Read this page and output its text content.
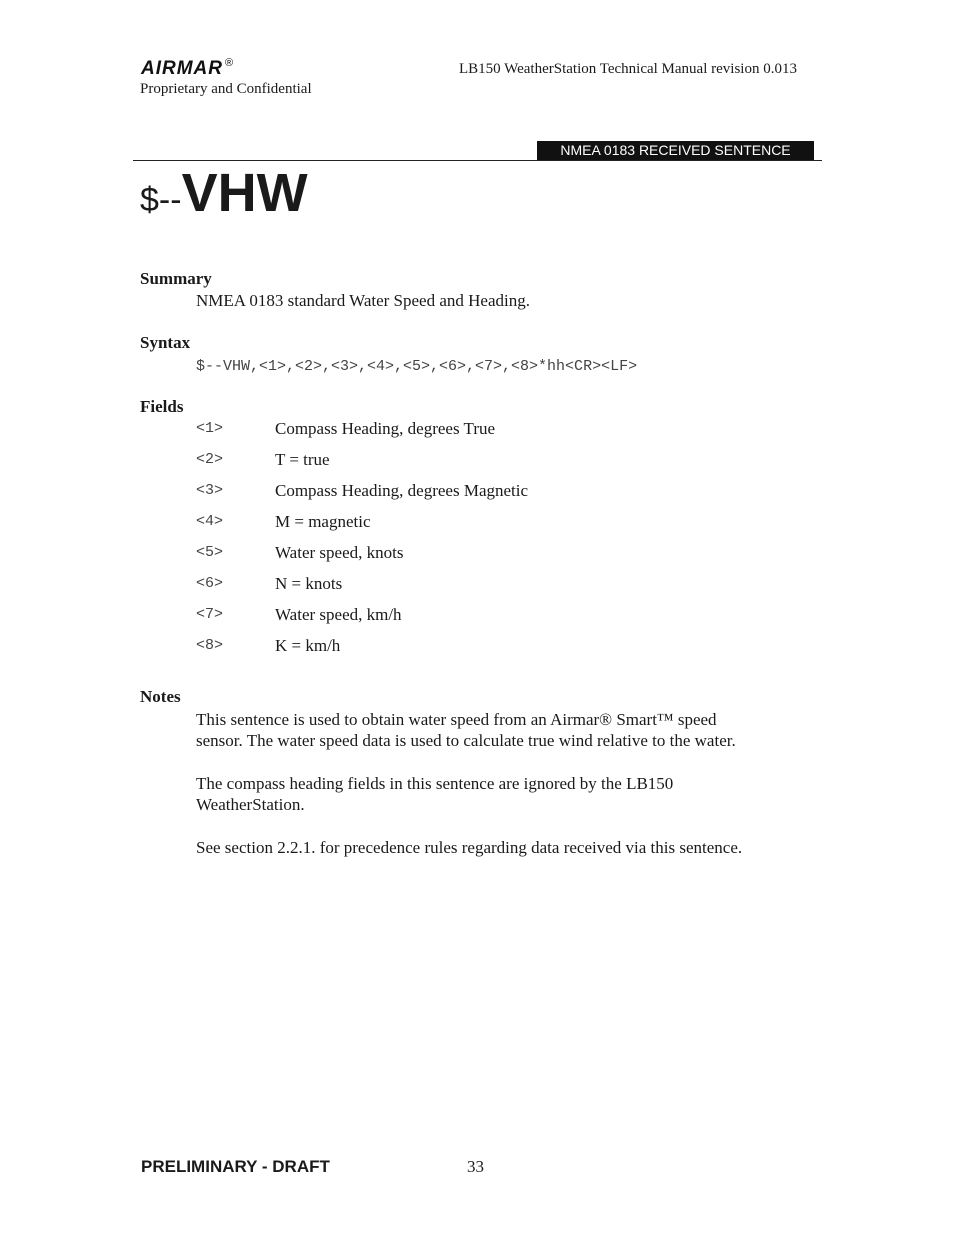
AIRMAR ®
Proprietary and Confidential
LB150 WeatherStation Technical Manual revision 0.013
NMEA 0183 RECEIVED SENTENCE
$--VHW
Summary
NMEA 0183 standard Water Speed and Heading.
Syntax
$--VHW,<1>,<2>,<3>,<4>,<5>,<6>,<7>,<8>*hh<CR><LF>
Fields
<1>	Compass Heading, degrees True
<2>	T = true
<3>	Compass Heading, degrees Magnetic
<4>	M = magnetic
<5>	Water speed, knots
<6>	N = knots
<7>	Water speed, km/h
<8>	K = km/h
Notes
This sentence is used to obtain water speed from an Airmar® Smart™ speed
sensor. The water speed data is used to calculate true wind relative to the water.
The compass heading fields in this sentence are ignored by the LB150
WeatherStation.
See section 2.2.1. for precedence rules regarding data received via this sentence.
PRELIMINARY - DRAFT	33
